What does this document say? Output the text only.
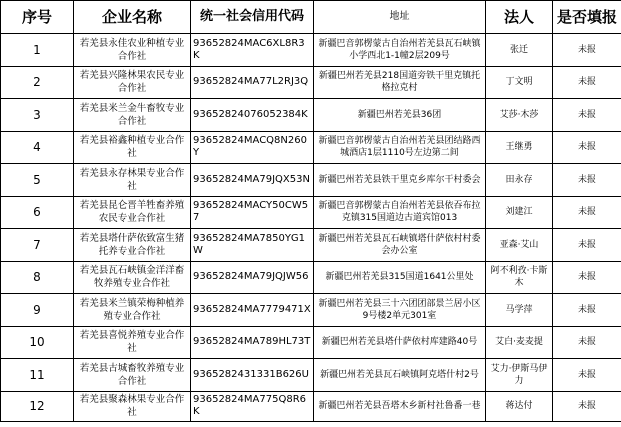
序号	企业名称	统一社会信用代码	地址	法人	是否填报
1	若羌县永佳农业种植专业合作社	93652824MAC6XL8R3K	新疆巴音郭楞蒙古自治州若羌县瓦石峡镇小学西北1-1幢2层209号	张迁	未报
2	若羌县兴隆林果农民专业合作社	93652824MA77L2RJ3Q	新疆巴州若羌县218国道旁铁干里克镇托格拉克村	丁文明	未报
3	若羌县米兰金牛畜牧专业合作社	93652824076052384K	新疆巴州若羌县36团	艾莎·木莎	未报
4	若羌县裕鑫种植专业合作社	93652824MACQ8N260Y	新疆巴音郭楞蒙古自治州若羌县团结路西城酒店1层1110号左边第二间	王继勇	未报
5	若羌县永存林果专业合作社	93652824MA79JQX53N	新疆巴州若羌县铁干里克乡库尔干村委会	田永存	未报
6	若羌县昆仑晋羊牲畜养殖农民专业合作社	93652824MACY50CW57	新疆巴音郭楞蒙古自治州若羌县依吞布拉克镇315国道边古道宾馆013	刘建江	未报
7	若羌县塔什萨依致富生猪托养专业合作社	93652824MA7850YG1W	新疆巴州若羌县瓦石峡镇塔什萨依村村委会办公室	亚森·艾山	未报
8	若羌县瓦石峡镇金洋洋畜牧养殖专业合作社	93652824MA79JQJW56	新疆巴州若羌县315国道1641公里处	阿不利孜·卡斯木	未报
9	若羌县米兰镇荣梅种植养殖专业合作社	93652824MA7779471X	新疆巴州若羌县三十六团团部景兰居小区9号楼2单元301室	马学萍	未报
10	若羌县喜悦养殖专业合作社	93652824MA789HL73T	新疆巴州若羌县塔什萨依村库建路40号	艾白·麦麦提	未报
11	若羌县古城畜牧养殖专业合作社	9365282431331B626U	新疆巴州若羌县瓦石峡镇阿克塔什村2号	艾力·伊斯马伊力	未报
12	若羌县聚森林果专业合作社	93652824MA775Q8R6K	新疆巴州若羌县吾塔木乡新村社鲁番一巷	蒋达付	未报
